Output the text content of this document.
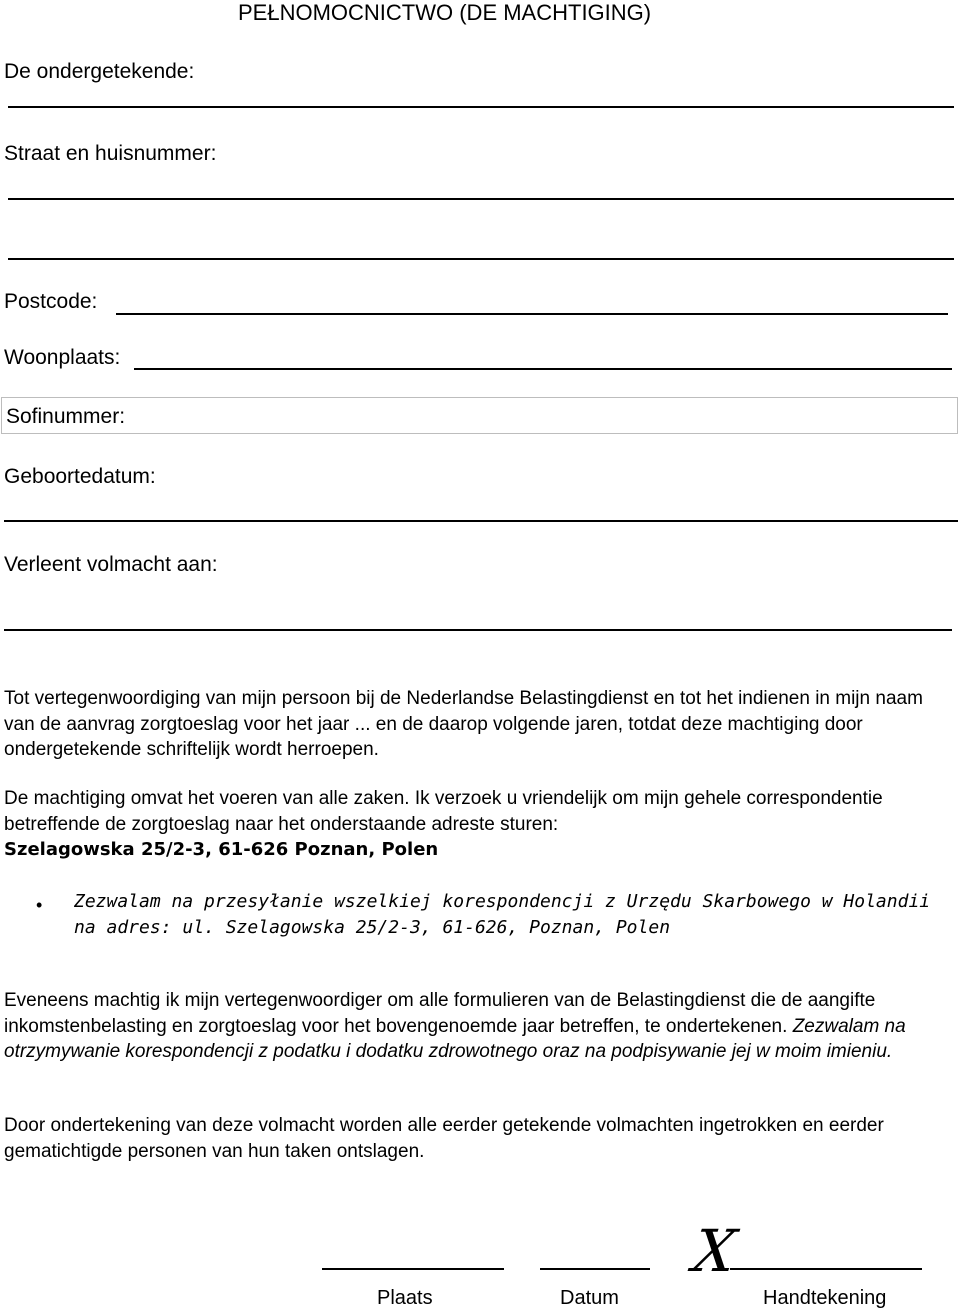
PEŁNOMOCNICTWO (DE MACHTIGING)
De ondergetekende:
Straat en huisnummer:
Postcode:
Woonplaats:
Sofinummer:
Geboortedatum:
Verleent volmacht aan:
Tot vertegenwoordiging van mijn persoon bij de Nederlandse Belastingdienst en tot het indienen in mijn naam van de aanvrag zorgtoeslag voor het jaar ... en de daarop volgende jaren, totdat deze machtiging door ondergetekende schriftelijk wordt herroepen.
De machtiging omvat het voeren van alle zaken. Ik verzoek u vriendelijk om mijn gehele correspondentie betreffende de zorgtoeslag naar het onderstaande adreste sturen:
Szelagowska 25/2-3, 61-626 Poznan, Polen
• Zezwalam na przesyłanie wszelkiej korespondencji z Urzędu Skarbowego w Holandii na adres: ul. Szelagowska 25/2-3, 61-626, Poznan, Polen
Eveneens machtig ik mijn vertegenwoordiger om alle formulieren van de Belastingdienst die de aangifte inkomstenbelasting en zorgtoeslag voor het bovengenoemde jaar betreffen, te ondertekenen. Zezwalam na otrzymywanie korespondencji z podatku i dodatku zdrowotnego oraz na podpisywanie jej w moim imieniu.
Door ondertekening van deze volmacht worden alle eerder getekende volmachten ingetrokken en eerder gematichtigde personen van hun taken ontslagen.
X
Plaats	Datum	Handtekening
